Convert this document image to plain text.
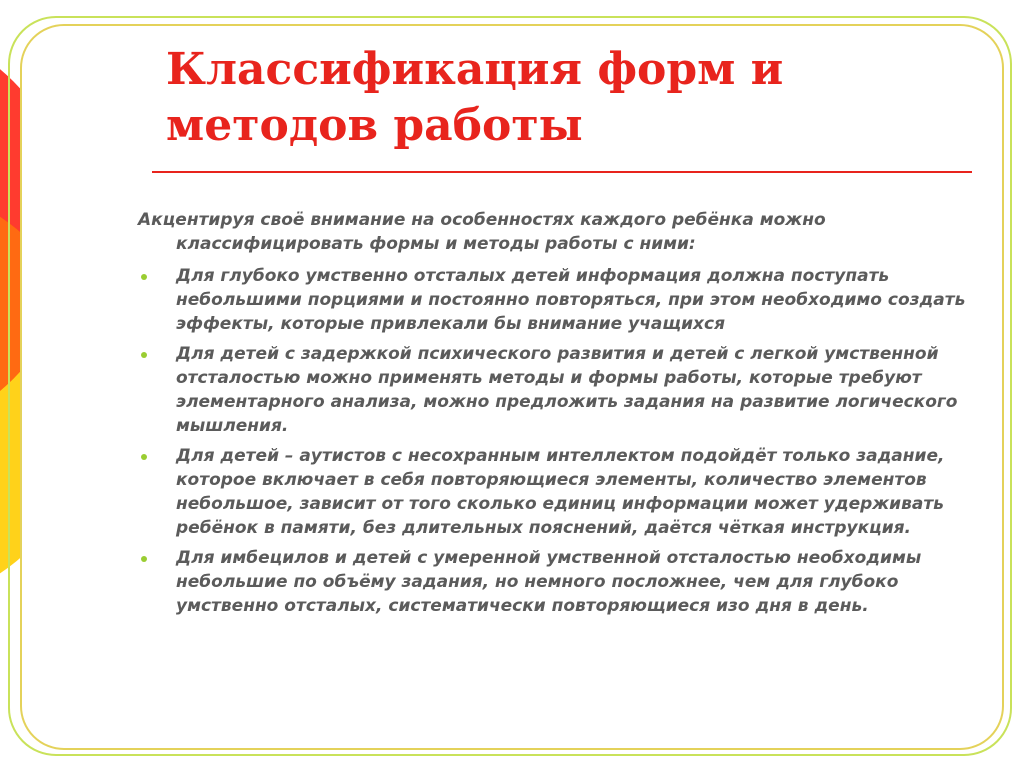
Классификация форм и методов работы

Акцентируя своё внимание на особенностях каждого ребёнка можно классифицировать формы и методы работы с ними:

Для глубоко умственно отсталых детей информация должна поступать небольшими порциями и постоянно повторяться, при этом необходимо создать эффекты, которые привлекали бы внимание учащихся
Для детей с задержкой психического развития и детей с легкой умственной отсталостью можно применять методы и формы работы, которые требуют элементарного анализа, можно предложить задания на развитие логического мышления.
Для детей – аутистов с несохранным интеллектом подойдёт только задание, которое включает в себя повторяющиеся элементы, количество элементов небольшое, зависит от того сколько единиц информации может удерживать ребёнок в памяти, без длительных пояснений, даётся чёткая инструкция.
Для имбецилов и детей с умеренной умственной отсталостью необходимы небольшие по объёму задания, но немного посложнее, чем для глубоко умственно отсталых, систематически повторяющиеся изо дня в день.
